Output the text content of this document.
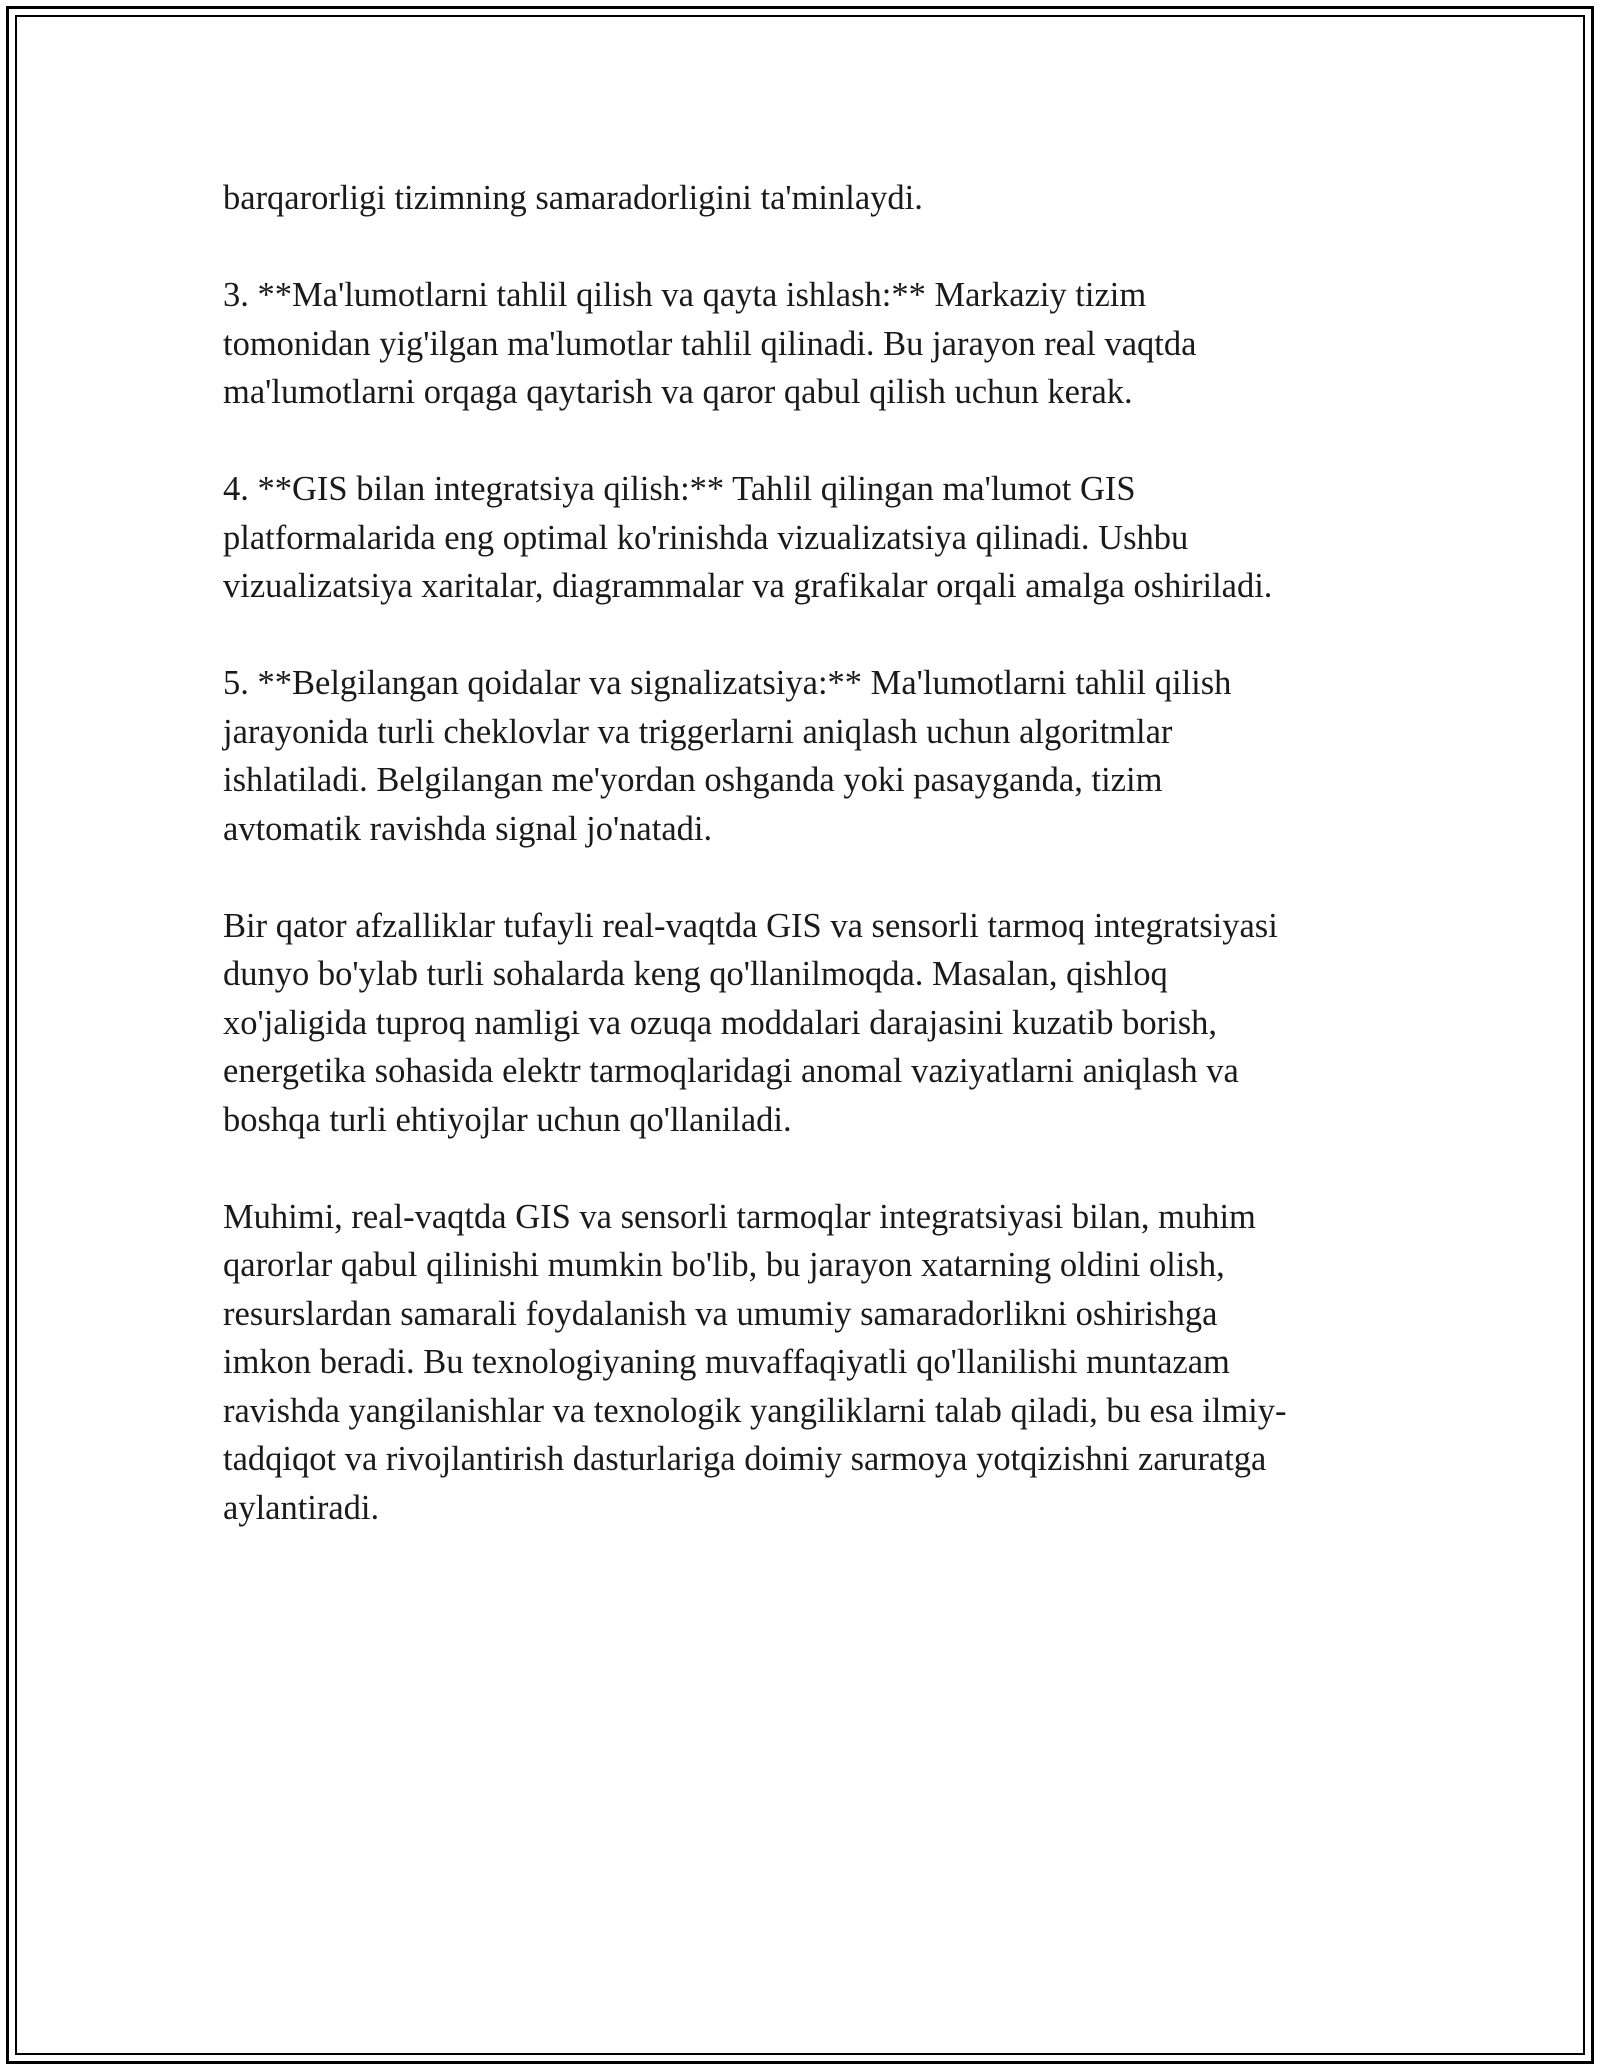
barqarorligi tizimning samaradorligini ta'minlaydi.

3. **Ma'lumotlarni tahlil qilish va qayta ishlash:** Markaziy tizim
tomonidan yig'ilgan ma'lumotlar tahlil qilinadi. Bu jarayon real vaqtda
ma'lumotlarni orqaga qaytarish va qaror qabul qilish uchun kerak.

4. **GIS bilan integratsiya qilish:** Tahlil qilingan ma'lumot GIS
platformalarida eng optimal ko'rinishda vizualizatsiya qilinadi. Ushbu
vizualizatsiya xaritalar, diagrammalar va grafikalar orqali amalga oshiriladi.

5. **Belgilangan qoidalar va signalizatsiya:** Ma'lumotlarni tahlil qilish
jarayonida turli cheklovlar va triggerlarni aniqlash uchun algoritmlar
ishlatiladi. Belgilangan me'yordan oshganda yoki pasayganda, tizim
avtomatik ravishda signal jo'natadi.

Bir qator afzalliklar tufayli real-vaqtda GIS va sensorli tarmoq integratsiyasi
dunyo bo'ylab turli sohalarda keng qo'llanilmoqda. Masalan, qishloq
xo'jaligida tuproq namligi va ozuqa moddalari darajasini kuzatib borish,
energetika sohasida elektr tarmoqlaridagi anomal vaziyatlarni aniqlash va
boshqa turli ehtiyojlar uchun qo'llaniladi.

Muhimi, real-vaqtda GIS va sensorli tarmoqlar integratsiyasi bilan, muhim
qarorlar qabul qilinishi mumkin bo'lib, bu jarayon xatarning oldini olish,
resurslardan samarali foydalanish va umumiy samaradorlikni oshirishga
imkon beradi. Bu texnologiyaning muvaffaqiyatli qo'llanilishi muntazam
ravishda yangilanishlar va texnologik yangiliklarni talab qiladi, bu esa ilmiy-
tadqiqot va rivojlantirish dasturlariga doimiy sarmoya yotqizishni zaruratga
aylantiradi.
